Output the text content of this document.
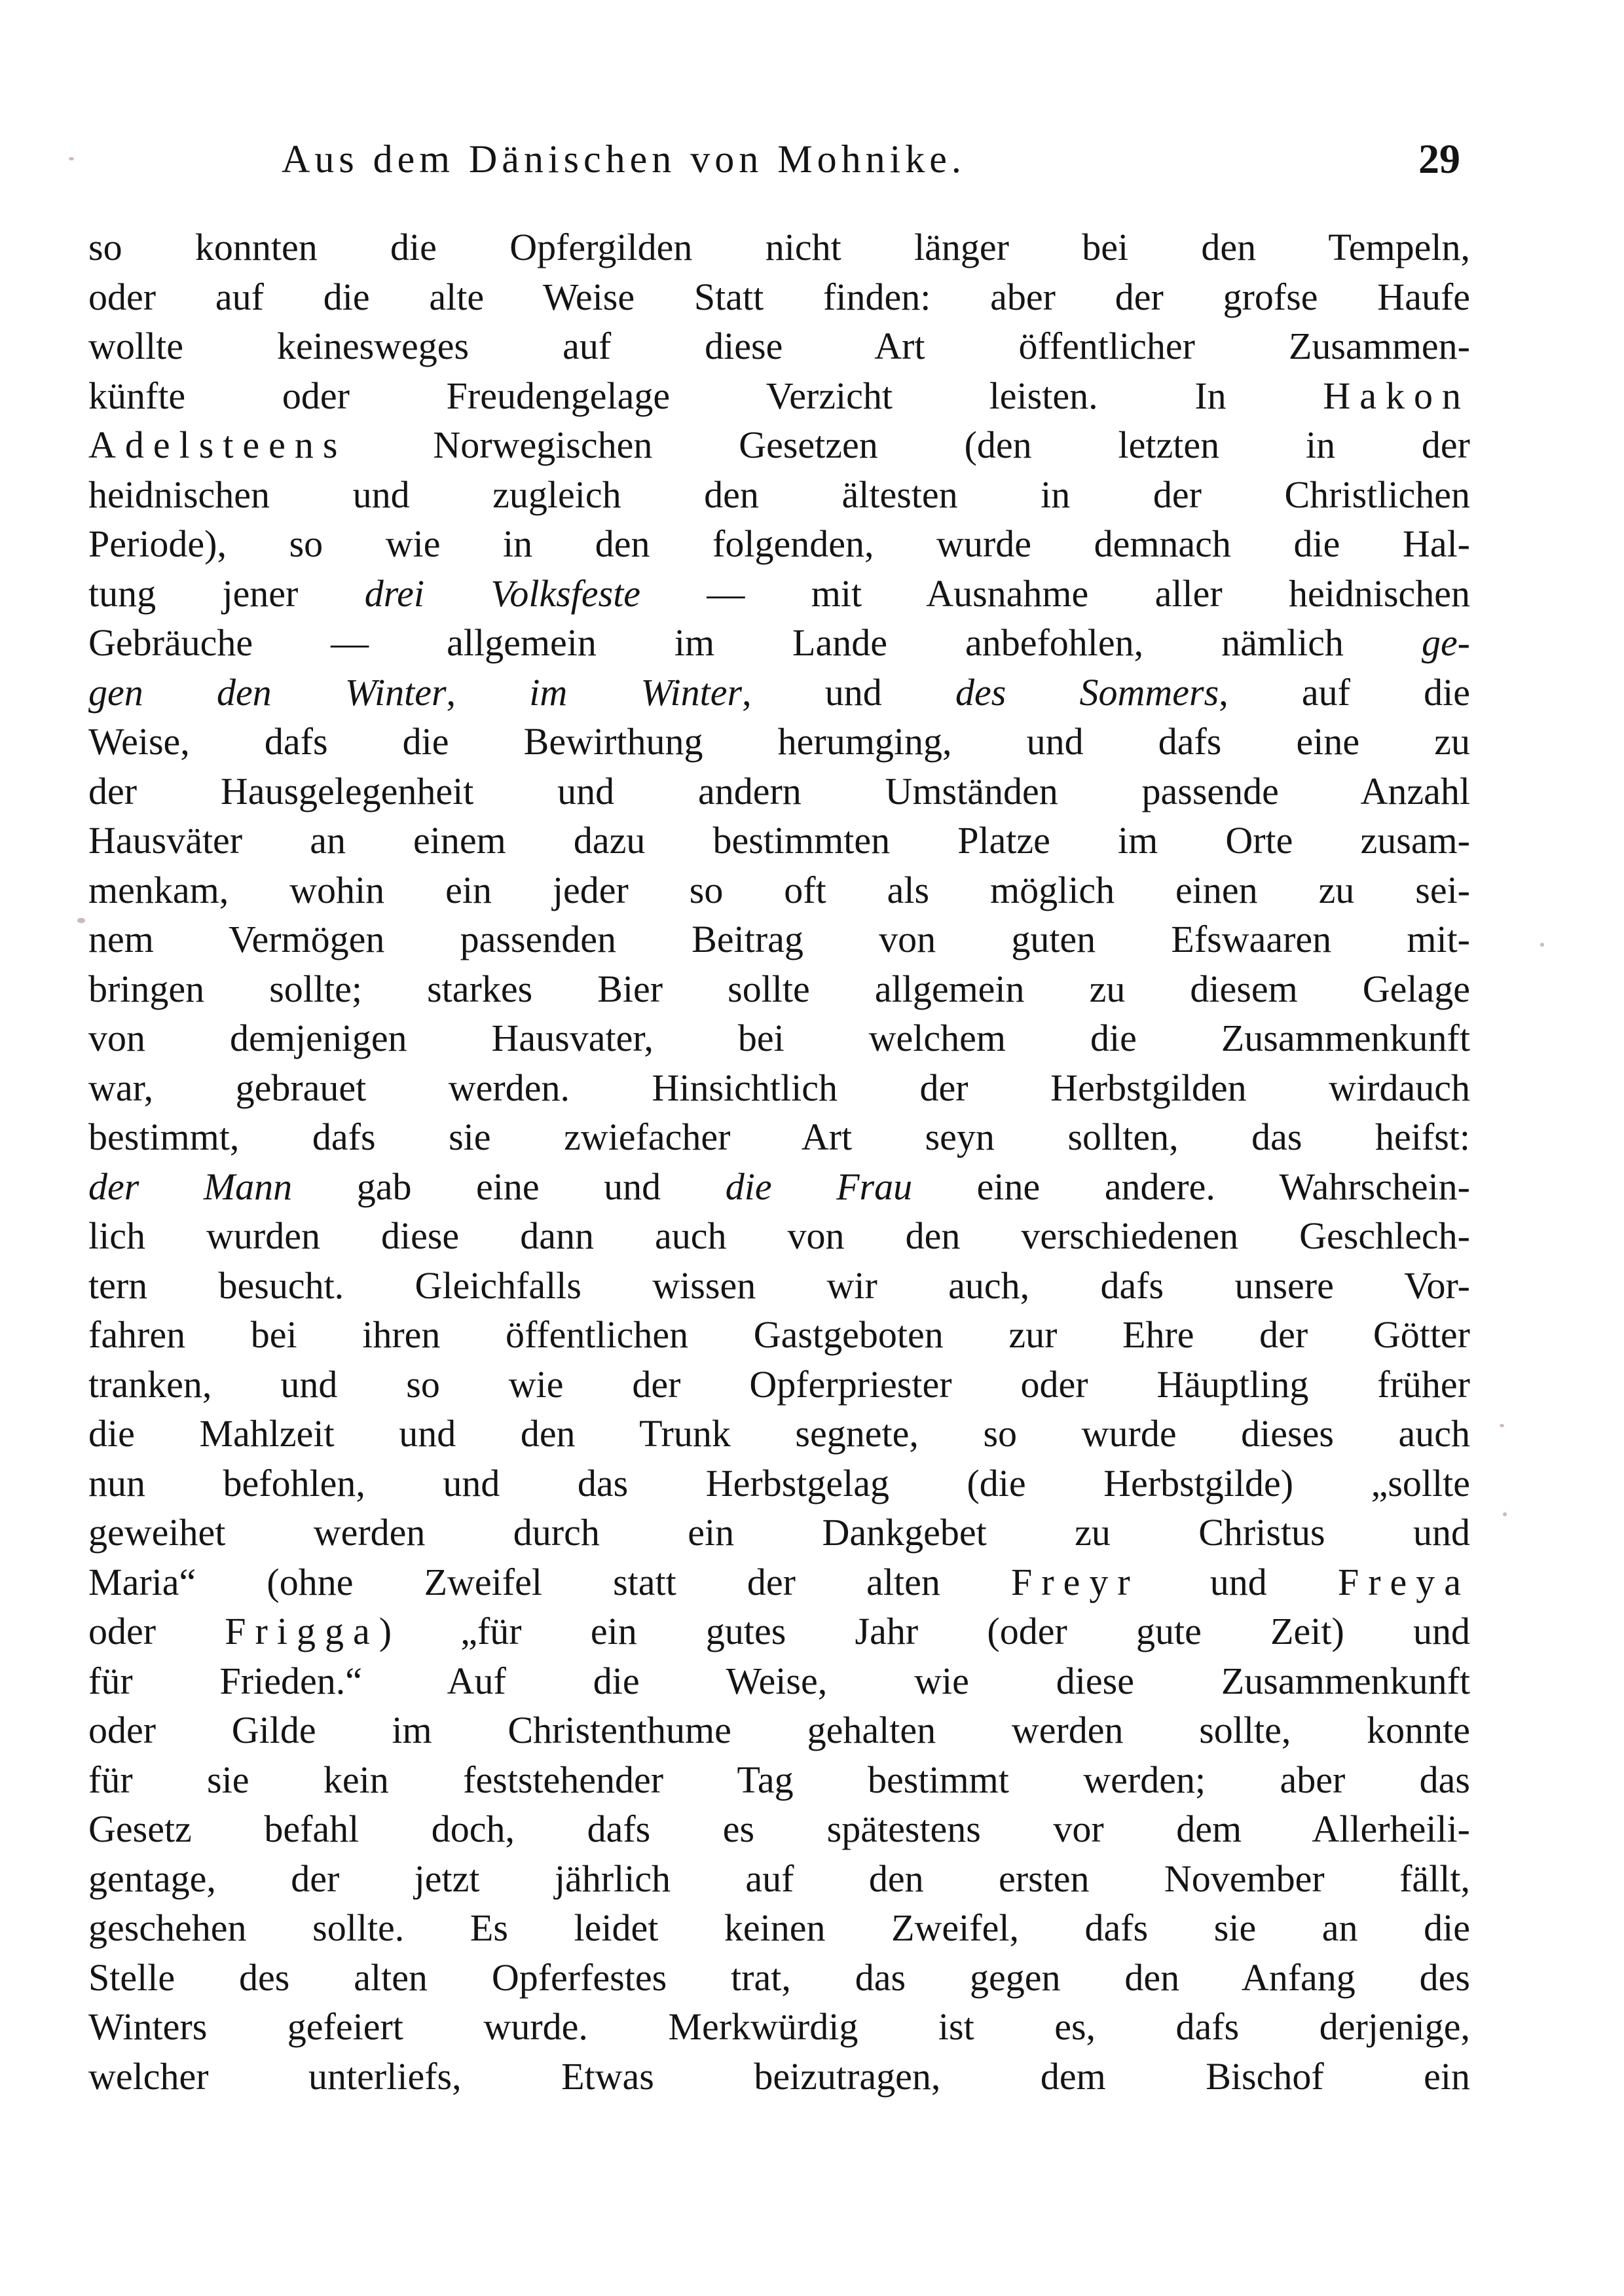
Aus dem Dänischen von Mohnike.	29
so konnten die Opfergilden nicht länger bei den Tempeln,
oder auf die alte Weise Statt finden: aber der grofse Haufe
wollte keinesweges auf diese Art öffentlicher Zusammen-
künfte oder Freudengelage Verzicht leisten. In Hakon
Adelsteens Norwegischen Gesetzen (den letzten in der
heidnischen und zugleich den ältesten in der Christlichen
Periode), so wie in den folgenden, wurde demnach die Hal-
tung jener drei Volksfeste — mit Ausnahme aller heidnischen
Gebräuche — allgemein im Lande anbefohlen, nämlich ge-
gen den Winter, im Winter, und des Sommers, auf die
Weise, dafs die Bewirthung herumging, und dafs eine zu
der Hausgelegenheit und andern Umständen passende Anzahl
Hausväter an einem dazu bestimmten Platze im Orte zusam-
menkam, wohin ein jeder so oft als möglich einen zu sei-
nem Vermögen passenden Beitrag von guten Efswaaren mit-
bringen sollte; starkes Bier sollte allgemein zu diesem Gelage
von demjenigen Hausvater, bei welchem die Zusammenkunft
war, gebrauet werden. Hinsichtlich der Herbstgilden wirdauch
bestimmt, dafs sie zwiefacher Art seyn sollten, das heifst:
der Mann gab eine und die Frau eine andere. Wahrschein-
lich wurden diese dann auch von den verschiedenen Geschlech-
tern besucht. Gleichfalls wissen wir auch, dafs unsere Vor-
fahren bei ihren öffentlichen Gastgeboten zur Ehre der Götter
tranken, und so wie der Opferpriester oder Häuptling früher
die Mahlzeit und den Trunk segnete, so wurde dieses auch
nun befohlen, und das Herbstgelag (die Herbstgilde) „sollte
geweihet werden durch ein Dankgebet zu Christus und
Maria“ (ohne Zweifel statt der alten Freyr und Freya
oder Frigga) „für ein gutes Jahr (oder gute Zeit) und
für Frieden.“ Auf die Weise, wie diese Zusammenkunft
oder Gilde im Christenthume gehalten werden sollte, konnte
für sie kein feststehender Tag bestimmt werden; aber das
Gesetz befahl doch, dafs es spätestens vor dem Allerheili-
gentage, der jetzt jährlich auf den ersten November fällt,
geschehen sollte. Es leidet keinen Zweifel, dafs sie an die
Stelle des alten Opferfestes trat, das gegen den Anfang des
Winters gefeiert wurde. Merkwürdig ist es, dafs derjenige,
welcher unterliefs, Etwas beizutragen, dem Bischof ein
